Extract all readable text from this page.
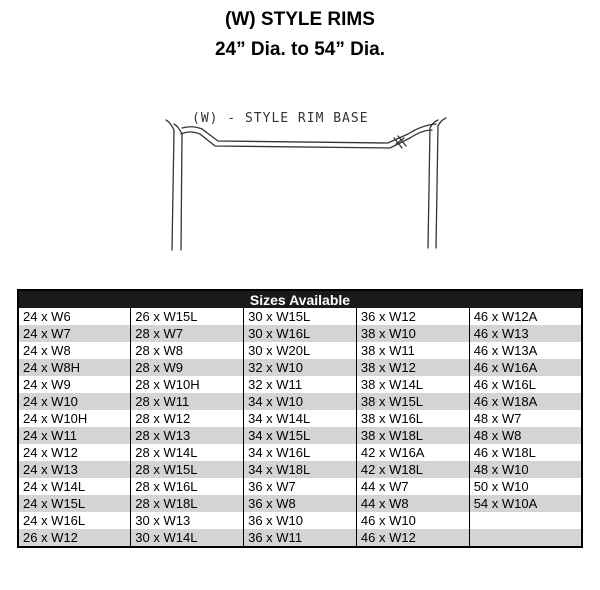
(W) STYLE RIMS
24” Dia. to 54” Dia.
(W) - STYLE RIM BASE
Sizes Available				
24 x W6	26 x W15L	30 x W15L	36 x W12	46 x W12A
24 x W7	28 x W7	30 x W16L	38 x W10	46 x W13
24 x W8	28 x W8	30 x W20L	38 x W11	46 x W13A
24 x W8H	28 x W9	32 x W10	38 x W12	46 x W16A
24 x W9	28 x W10H	32 x W11	38 x W14L	46 x W16L
24 x W10	28 x W11	34 x W10	38 x W15L	46 x W18A
24 x W10H	28 x W12	34 x W14L	38 x W16L	48 x W7
24 x W11	28 x W13	34 x W15L	38 x W18L	48 x W8
24 x W12	28 x W14L	34 x W16L	42 x W16A	46 x W18L
24 x W13	28 x W15L	34 x W18L	42 x W18L	48 x W10
24 x W14L	28 x W16L	36 x W7	44 x W7	50 x W10
24 x W15L	28 x W18L	36 x W8	44 x W8	54 x W10A
24 x W16L	30 x W13	36 x W10	46 x W10	
26 x W12	30 x W14L	36 x W11	46 x W12	
